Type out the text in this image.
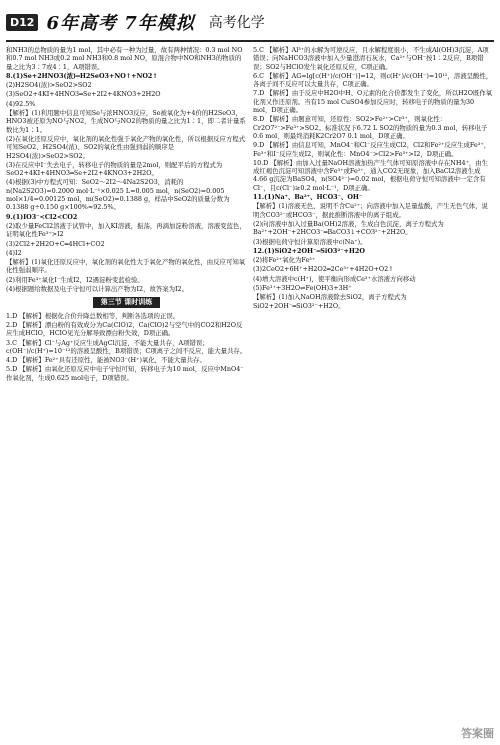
D12 6年高考 7年模拟 高考化学

和NH3的总物质的量为1 mol，其中必有一种为过量，故有两种情况：0.3 mol NO和0.7 mol NH3或0.2 mol NH3和0.8 mol NO，原混合物中NO和NH3的物质的量之比为3∶7或4∶1，A项错误。

8.(1)Se+2HNO3(浓)═H2SeO3+NO↑+NO2↑

(2)H2SO4(浓)>SeO2>SO2

(3)SeO2+4KI+4HNO3═Se+2I2+4KNO3+2H2O

(4)92.5%

【解析】(1)利用题中信息可知Se与浓HNO3反应，Se被氧化为+4价的H2SeO3，HNO3被还原为NO与NO2，生成NO与NO2的物质的量之比为1∶1，即二者计量系数比为1∶1。

(2)在氧化还原反应中，氧化剂的氧化性强于氧化产物的氧化性，所以根据反应方程式可知SeO2、H2SO4(浓)、SO2的氧化性由强到弱的顺序是H2SO4(浓)>SeO2>SO2。

(3)在反应中I⁻失去电子，转移电子的物质的量是2mol，则配平后的方程式为SeO2+4KI+4HNO3═Se+2I2+4KNO3+2H2O。

(4)根据(3)中方程式可知：SeO2～2I2～4Na2S2O3，消耗的n(Na2S2O3)=0.2000 mol·L⁻¹×0.025 L=0.005 mol，n(SeO2)=0.005 mol×1/4=0.00125 mol，m(SeO2)=0.1388 g，样品中SeO2的质量分数为0.1388 g÷0.150 g×100%≈92.5%。

9.(1)IO3⁻<Cl2<CO2

(2)取少量FeCl2溶液于试管中，加入KI溶液，振荡，再滴加淀粉溶液，溶液变蓝色，证明氧化性Fe³⁺>I2

(3)2Cl2+2H2O+C═4HCl+CO2

(4)I2

【解析】(1)氧化还原反应中，氧化剂的氧化性大于氧化产物的氧化性，由反应可知氧化性强弱顺序。

(2)利用Fe³⁺氧化I⁻生成I2，I2遇淀粉变蓝检验。

(4)根据题给数据及电子守恒可以计算出产物为I2，故答案为I2。

第三节 课时训练

1.D 【解析】根据化合价升降总数相等，判断各选项的正误。

2.D 【解析】漂白粉的有效成分为Ca(ClO)2，Ca(ClO)2与空气中的CO2和H2O反应生成HClO，HClO见光分解导致漂白粉失效，D项正确。

3.C 【解析】Cl⁻与Ag⁺反应生成AgCl沉淀，不能大量共存，A项错误；c(OH⁻)/c(H⁺)=10⁻¹²的溶液呈酸性，B项错误；C项离子之间不反应，能大量共存。

4.D 【解析】Fe²⁺具有还原性，能被NO3⁻(H⁺)氧化，不能大量共存。

5.D 【解析】由氧化还原反应中电子守恒可知，转移电子为10 mol，反应中MnO4⁻作氧化剂，生成0.625 mol电子，D项错误。

5.C 【解析】Al³⁺的水解为可逆反应，且水解程度很小，不生成Al(OH)3沉淀，A项错误；向NaHCO3溶液中加入少量澄清石灰水，Ca²⁺与OH⁻按1∶2反应，B项错误；SO2与HClO发生氧化还原反应，C项正确。

6.C 【解析】AG=lg[c(H⁺)/c(OH⁻)]=12，则c(H⁺)/c(OH⁻)=10¹²，溶液呈酸性，各离子间不反应可以大量共存，C项正确。

7.D 【解析】由于反应中H2O中H、O元素的化合价都发生了变化，所以H2O既作氧化剂又作还原剂。当有15 mol CuSO4参加反应时，转移电子的物质的量为30 mol，D项正确。

8.D 【解析】由题意可知，还原性：SO2>Fe²⁺>Cr³⁺，则氧化性：Cr2O7²⁻>Fe³⁺>SO2。标准状况下6.72 L SO2的物质的量为0.3 mol，转移电子0.6 mol，则最终消耗K2Cr2O7 0.1 mol，D项正确。

9.D 【解析】由信息可知，MnO4⁻和Cl⁻反应生成Cl2，Cl2和Fe²⁺反应生成Fe³⁺，Fe³⁺和I⁻反应生成I2，则氧化性：MnO4⁻>Cl2>Fe³⁺>I2，D项正确。

10.D 【解析】由加入过量NaOH溶液加热产生气体可知原溶液中存在NH4⁺，由生成红褐色沉淀可知溶液中含Fe³⁺或Fe²⁺，通入CO2无现象，加入BaCl2溶液生成4.66 g沉淀为BaSO4，n(SO4²⁻)=0.02 mol，根据电荷守恒可知溶液中一定含有Cl⁻，且c(Cl⁻)≥0.2 mol·L⁻¹，D项正确。

11.(1)Na⁺、Ba²⁺、HCO3⁻、OH⁻

【解析】(1)溶液无色，说明不含Cu²⁺；向溶液中加入足量盐酸，产生无色气体，说明含CO3²⁻或HCO3⁻，据此推断溶液中的离子组成。

(2)向溶液中加入过量Ba(OH)2溶液，生成白色沉淀，离子方程式为Ba²⁺+2OH⁻+2HCO3⁻═BaCO3↓+CO3²⁻+2H2O。

(3)根据电荷守恒计算原溶液中c(Na⁺)。

12.(1)SiO2+2OH⁻═SiO3²⁻+H2O

(2)将Fe²⁺氧化为Fe³⁺

(3)2CeO2+6H⁺+H2O2═2Ce³⁺+4H2O+O2↑

(4)增大溶液中c(H⁺)，使平衡向形成Ce³⁺水溶液方向移动

(5)Fe³⁺+3H2O⇌Fe(OH)3+3H⁺

【解析】(1)加入NaOH溶液除去SiO2，离子方程式为SiO2+2OH⁻═SiO3²⁻+H2O。

答案圈
